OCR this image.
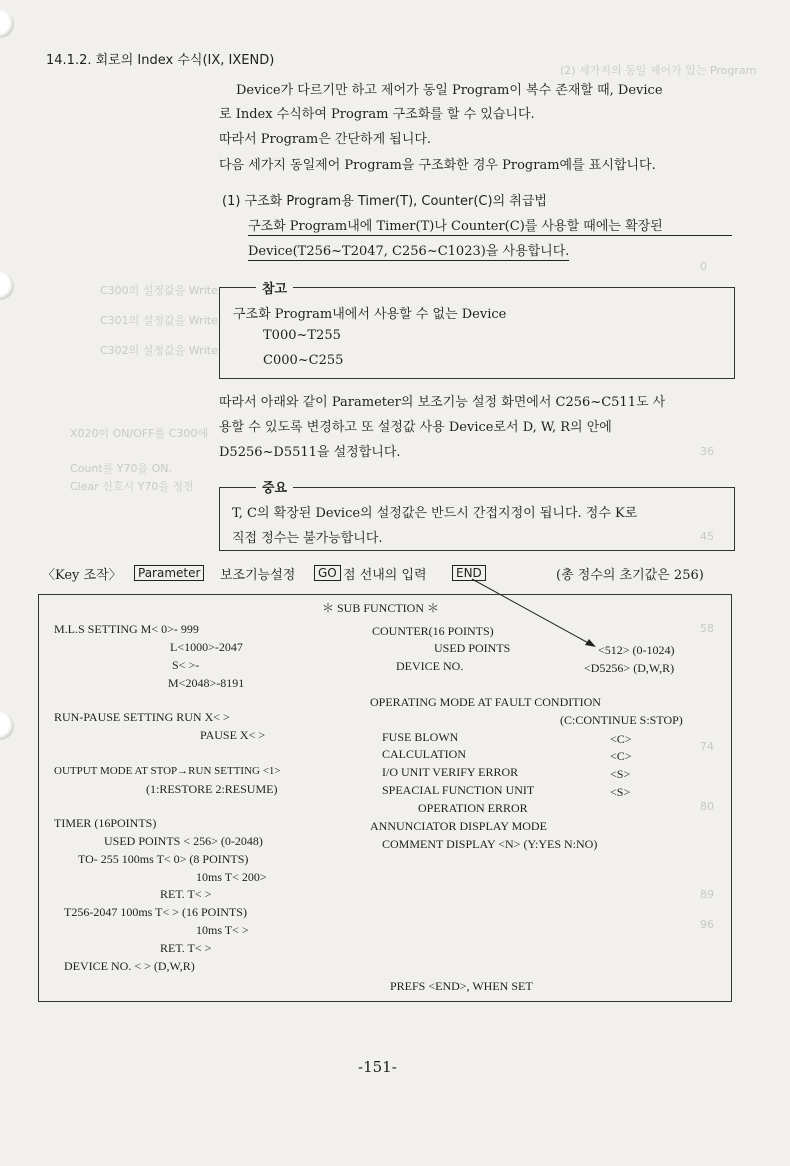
(2) 세가지의 동일 제어가 있는 Program
C300의 설정값을 Write
C301의 설정값을 Write
C302의 설정값을 Write
X020이 ON/OFF를 C300에
Count를 Y70을 ON.
Clear 신호시 Y70을 정전
0
36
45
58
74
80
89
96
14.1.2. 회로의 Index 수식(IX, IXEND)
Device가 다르기만 하고 제어가 동일 Program이 복수 존재할 때, Device
로 Index 수식하여 Program 구조화를 할 수 있습니다.
따라서 Program은 간단하게 됩니다.
다음 세가지 동일제어 Program을 구조화한 경우 Program예를 표시합니다.
(1) 구조화 Program용 Timer(T), Counter(C)의 취급법
구조화 Program내에 Timer(T)나 Counter(C)를 사용할 때에는 확장된
Device(T256~T2047, C256~C1023)을 사용합니다.
참고
구조화 Program내에서 사용할 수 없는 Device
T000~T255
C000~C255
따라서 아래와 같이 Parameter의 보조기능 설정 화면에서 C256~C511도 사
용할 수 있도록 변경하고 또 설정값 사용 Device로서 D, W, R의 안에
D5256~D5511을 설정합니다.
중요
T, C의 확장된 Device의 설정값은 반드시 간접지정이 됩니다. 정수 K로
직접 정수는 불가능합니다.
〈Key 조작〉	Parameter	보조기능설정	GO 점 선내의 입력	END	(총 정수의 초기값은 256)
＊ SUB FUNCTION ＊
M.L.S SETTING M< 0>- 999
L<1000>-2047
S< >-
M<2048>-8191
RUN-PAUSE SETTING RUN X< >
PAUSE X< >
OUTPUT MODE AT STOP→RUN SETTING <1>
(1:RESTORE 2:RESUME)
TIMER (16POINTS)
USED POINTS < 256> (0-2048)
TO- 255 100ms T< 0> (8 POINTS)
10ms T< 200>
RET. T< >
T256-2047 100ms T< > (16 POINTS)
10ms T< >
RET. T< >
DEVICE NO. < > (D,W,R)
COUNTER(16 POINTS)
USED POINTS	<512> (0-1024)
DEVICE NO.	<D5256> (D,W,R)
OPERATING MODE AT FAULT CONDITION
(C:CONTINUE S:STOP)
FUSE BLOWN	<C>
CALCULATION	<C>
I/O UNIT VERIFY ERROR	<S>
SPEACIAL FUNCTION UNIT	<S>
OPERATION ERROR
ANNUNCIATOR DISPLAY MODE
COMMENT DISPLAY <N> (Y:YES N:NO)
PREFS <END>, WHEN SET
-151-
